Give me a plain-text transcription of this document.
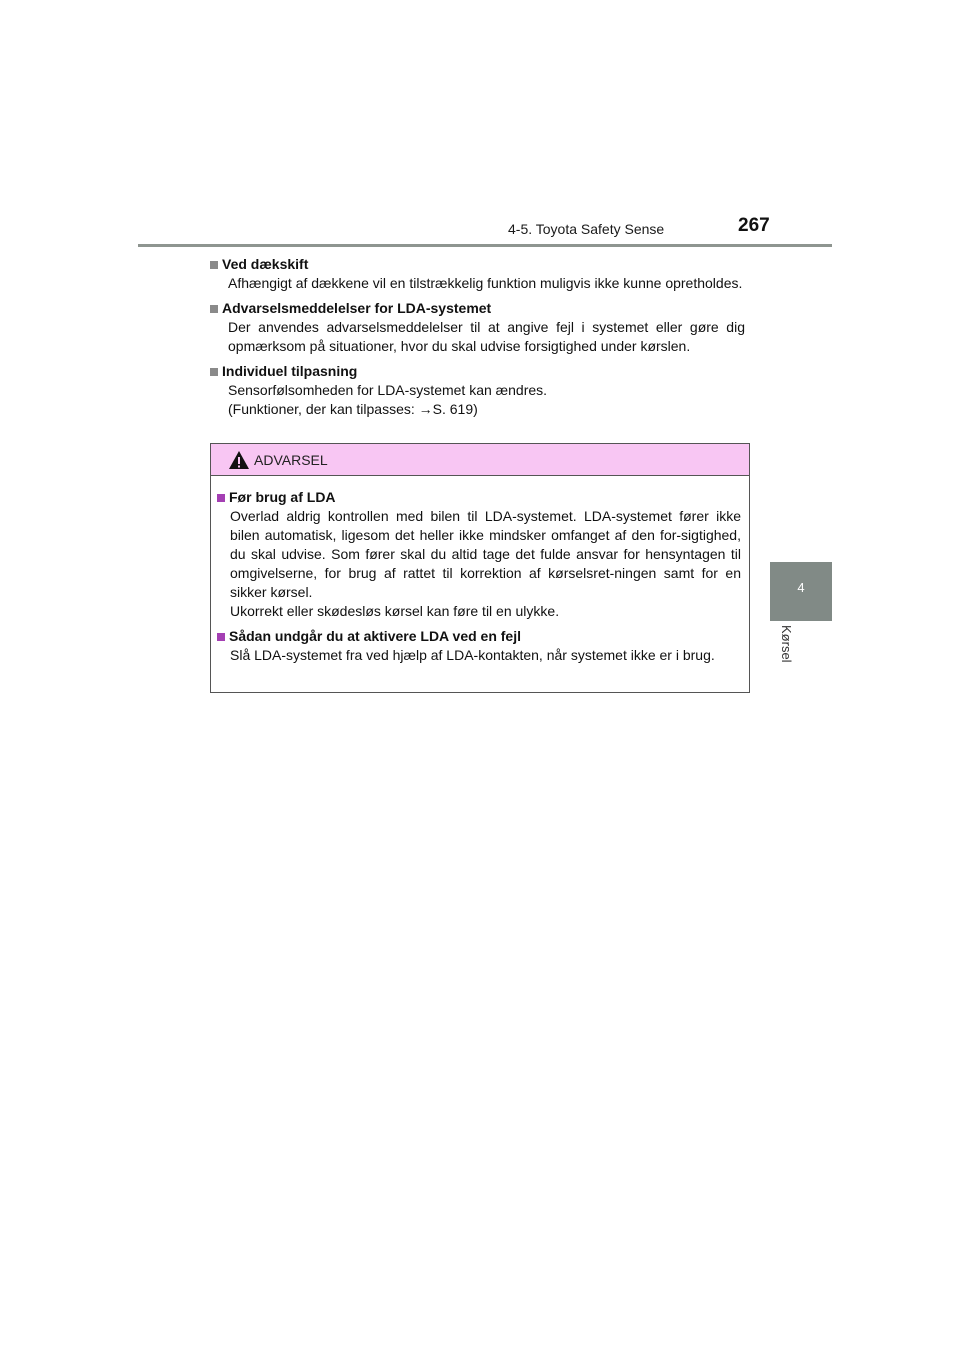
4-5. Toyota Safety Sense	267
4
Kørsel
Ved dækskift
Afhængigt af dækkene vil en tilstrækkelig funktion muligvis ikke kunne opretholdes.
Advarselsmeddelelser for LDA-systemet
Der anvendes advarselsmeddelelser til at angive fejl i systemet eller gøre dig opmærksom på situationer, hvor du skal udvise forsigtighed under kørslen.
Individuel tilpasning
Sensorfølsomheden for LDA-systemet kan ændres.
(Funktioner, der kan tilpasses: →S. 619)
ADVARSEL
Før brug af LDA
Overlad aldrig kontrollen med bilen til LDA-systemet. LDA-systemet fører ikke bilen automatisk, ligesom det heller ikke mindsker omfanget af den for-sigtighed, du skal udvise. Som fører skal du altid tage det fulde ansvar for hensyntagen til omgivelserne, for brug af rattet til korrektion af kørselsret-ningen samt for en sikker kørsel.
Ukorrekt eller skødesløs kørsel kan føre til en ulykke.
Sådan undgår du at aktivere LDA ved en fejl
Slå LDA-systemet fra ved hjælp af LDA-kontakten, når systemet ikke er i brug.
